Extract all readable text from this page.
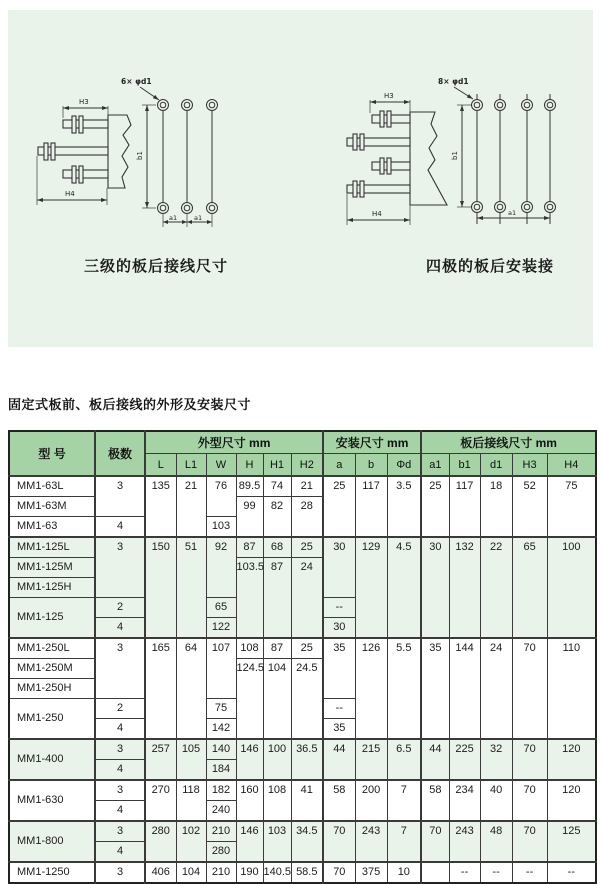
H3
H4
b1
a1	a1
6× φd1
三级的板后接线尺寸
H3
H4
b1
a1
8× φd1
四极的板后安装接
固定式板前、板后接线的外形及安装尺寸
型 号	极数	外型尺寸 mm						安装尺寸 mm			板后接线尺寸 mm				
		L	L1	W	H	H1	H2	a	b	Φd	a1	b1	d1	H3	H4
MM1-63L	3	135	21	76	89.5	74	21	25	117	3.5	25	117	18	52	75
MM1-63M					99	82	28								
MM1-63	4			103											
MM1-125L	3	150	51	92	87	68	25	30	129	4.5	30	132	22	65	100
MM1-125M					103.5	87	24								
MM1-125H															
MM1-125	2			65				--							
	4			122				30							
MM1-250L	3	165	64	107	108	87	25	35	126	5.5	35	144	24	70	110
MM1-250M					124.5	104	24.5								
MM1-250H															
MM1-250	2			75				--							
	4			142				35							
MM1-400	3	257	105	140	146	100	36.5	44	215	6.5	44	225	32	70	120
	4			184											
MM1-630	3	270	118	182	160	108	41	58	200	7	58	234	40	70	120
	4			240											
MM1-800	3	280	102	210	146	103	34.5	70	243	7	70	243	48	70	125
	4			280											
MM1-1250	3	406	104	210	190	140.5	58.5	70	375	10		--	--	--	--
